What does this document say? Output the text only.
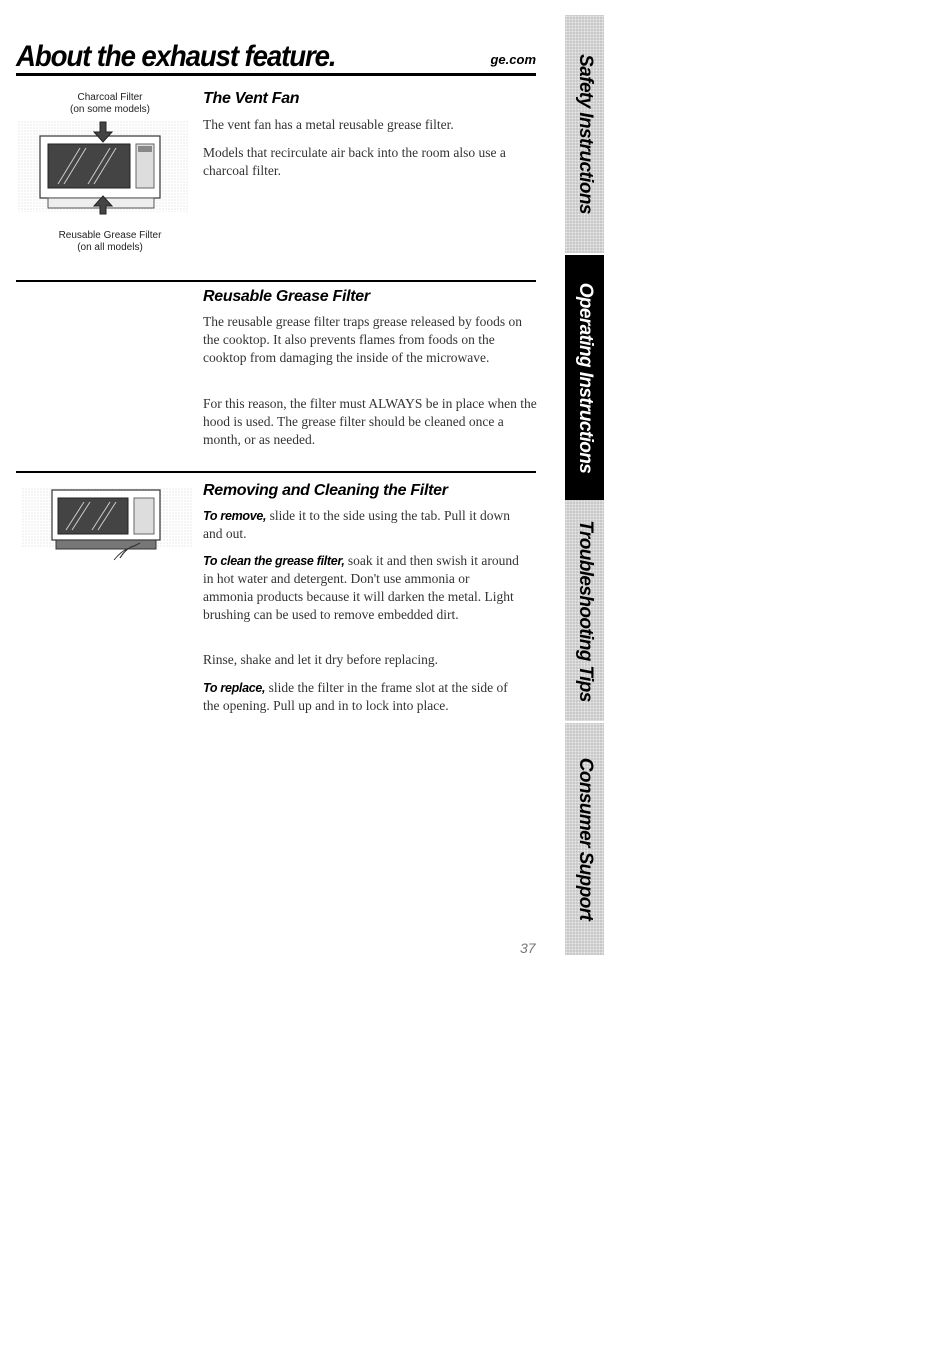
About the exhaust feature.	ge.com
Charcoal Filter
(on some models)
Reusable Grease Filter
(on all models)
The Vent Fan

The vent fan has a metal reusable grease filter.

Models that recirculate air back into the room also use a charcoal filter.

Reusable Grease Filter

The reusable grease filter traps grease released by foods on the cooktop. It also prevents flames from foods on the cooktop from damaging the inside of the microwave.

For this reason, the filter must ALWAYS be in place when the hood is used. The grease filter should be cleaned once a month, or as needed.

Removing and Cleaning the Filter

To remove, slide it to the side using the tab. Pull it down and out.

To clean the grease filter, soak it and then swish it around in hot water and detergent. Don't use ammonia or ammonia products because it will darken the metal. Light brushing can be used to remove embedded dirt.

Rinse, shake and let it dry before replacing.

To replace, slide the filter in the frame slot at the side of the opening. Pull up and in to lock into place.

Safety Instructions
Operating Instructions
Troubleshooting Tips
Consumer Support
37
